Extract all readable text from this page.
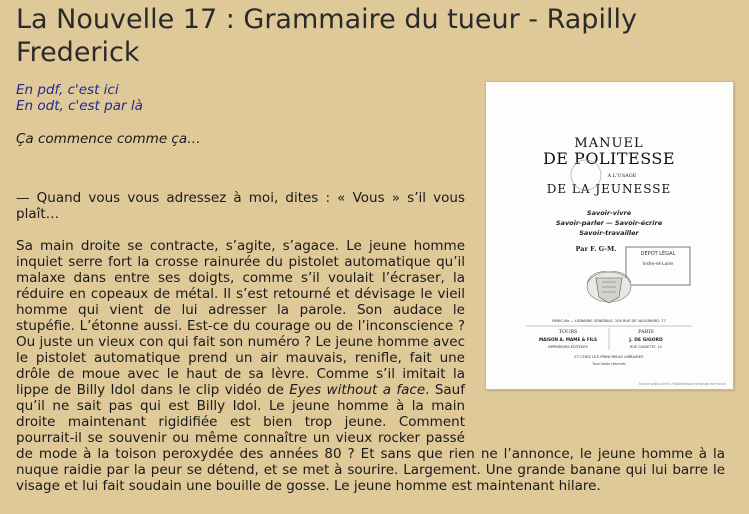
La Nouvelle 17 : Grammaire du tueur - Rapilly Frederick
En pdf, c'est ici
En odt, c'est par là
Ça commence comme ça…	MANUEL
DE POLITESSE
A L'USAGE
DE LA JEUNESSE
Savoir-vivre
Savoir-parler — Savoir-écrire
Savoir-travailler
Par F. G-M.
DÉPOT LÉGAL
Indre-et-Loire
PARIS-VIe — LIBRAIRIE GÉNÉRALE, 104 RUE DE VAUGIRARD, 77
TOURS	PARIS
MAISON A. MAME & FILS	J. DE GIGORD
IMPRIMEURS-ÉDITEURS	RUE CASSETTE, 15
ET CHEZ LES PRINCIPAUX LIBRAIRES
Tous droits réservés
Source gallica.bnf.fr / Bibliothèque nationale de France

— Quand vous vous adressez à moi, dites : « Vous » s’il vous plaît…

Sa main droite se contracte, s’agite, s’agace. Le jeune homme inquiet serre fort la crosse rainurée du pistolet automatique qu’il malaxe dans entre ses doigts, comme s’il voulait l’écraser, la réduire en copeaux de métal. Il s’est retourné et dévisage le vieil homme qui vient de lui adresser la parole. Son audace le stupéfie. L’étonne aussi. Est-ce du courage ou de l’inconscience ? Ou juste un vieux con qui fait son numéro ? Le jeune homme avec le pistolet automatique prend un air mauvais, renifle, fait une drôle de moue avec le haut de sa lèvre. Comme s’il imitait la lippe de Billy Idol dans le clip vidéo de Eyes without a face. Sauf qu’il ne sait pas qui est Billy Idol. Le jeune homme à la main droite maintenant rigidifiée est bien trop jeune. Comment pourrait-il se souvenir ou même connaître un vieux rocker passé de mode à la toison peroxydée des années 80 ? Et sans que rien ne l’annonce, le jeune homme à la nuque raidie par la peur se détend, et se met à sourire. Largement. Une grande banane qui lui barre le visage et lui fait soudain une bouille de gosse. Le jeune homme est maintenant hilare.
